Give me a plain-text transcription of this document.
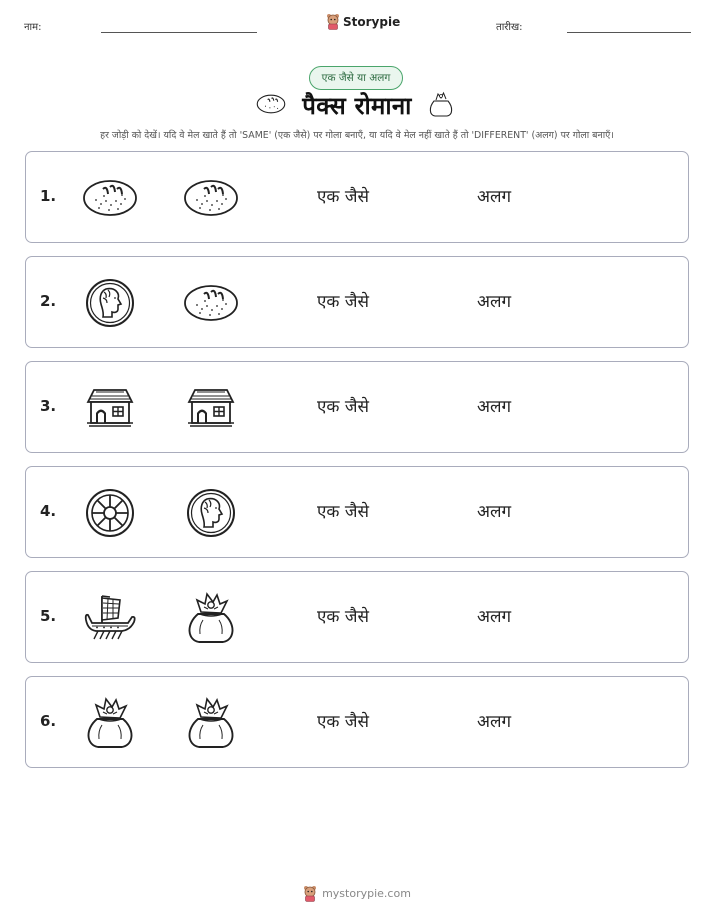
नाम:	Storypie	तारीख:
एक जैसे या अलग
पैक्स रोमाना
हर जोड़ी को देखें। यदि वे मेल खाते हैं तो 'SAME' (एक जैसे) पर गोला बनाएँ, या यदि वे मेल नहीं खाते हैं तो 'DIFFERENT' (अलग) पर गोला बनाएँ।
1.	एक जैसे	अलग
2.	एक जैसे	अलग
3.	एक जैसे	अलग
4.	एक जैसे	अलग
5.	एक जैसे	अलग
6.	एक जैसे	अलग
mystorypie.com
